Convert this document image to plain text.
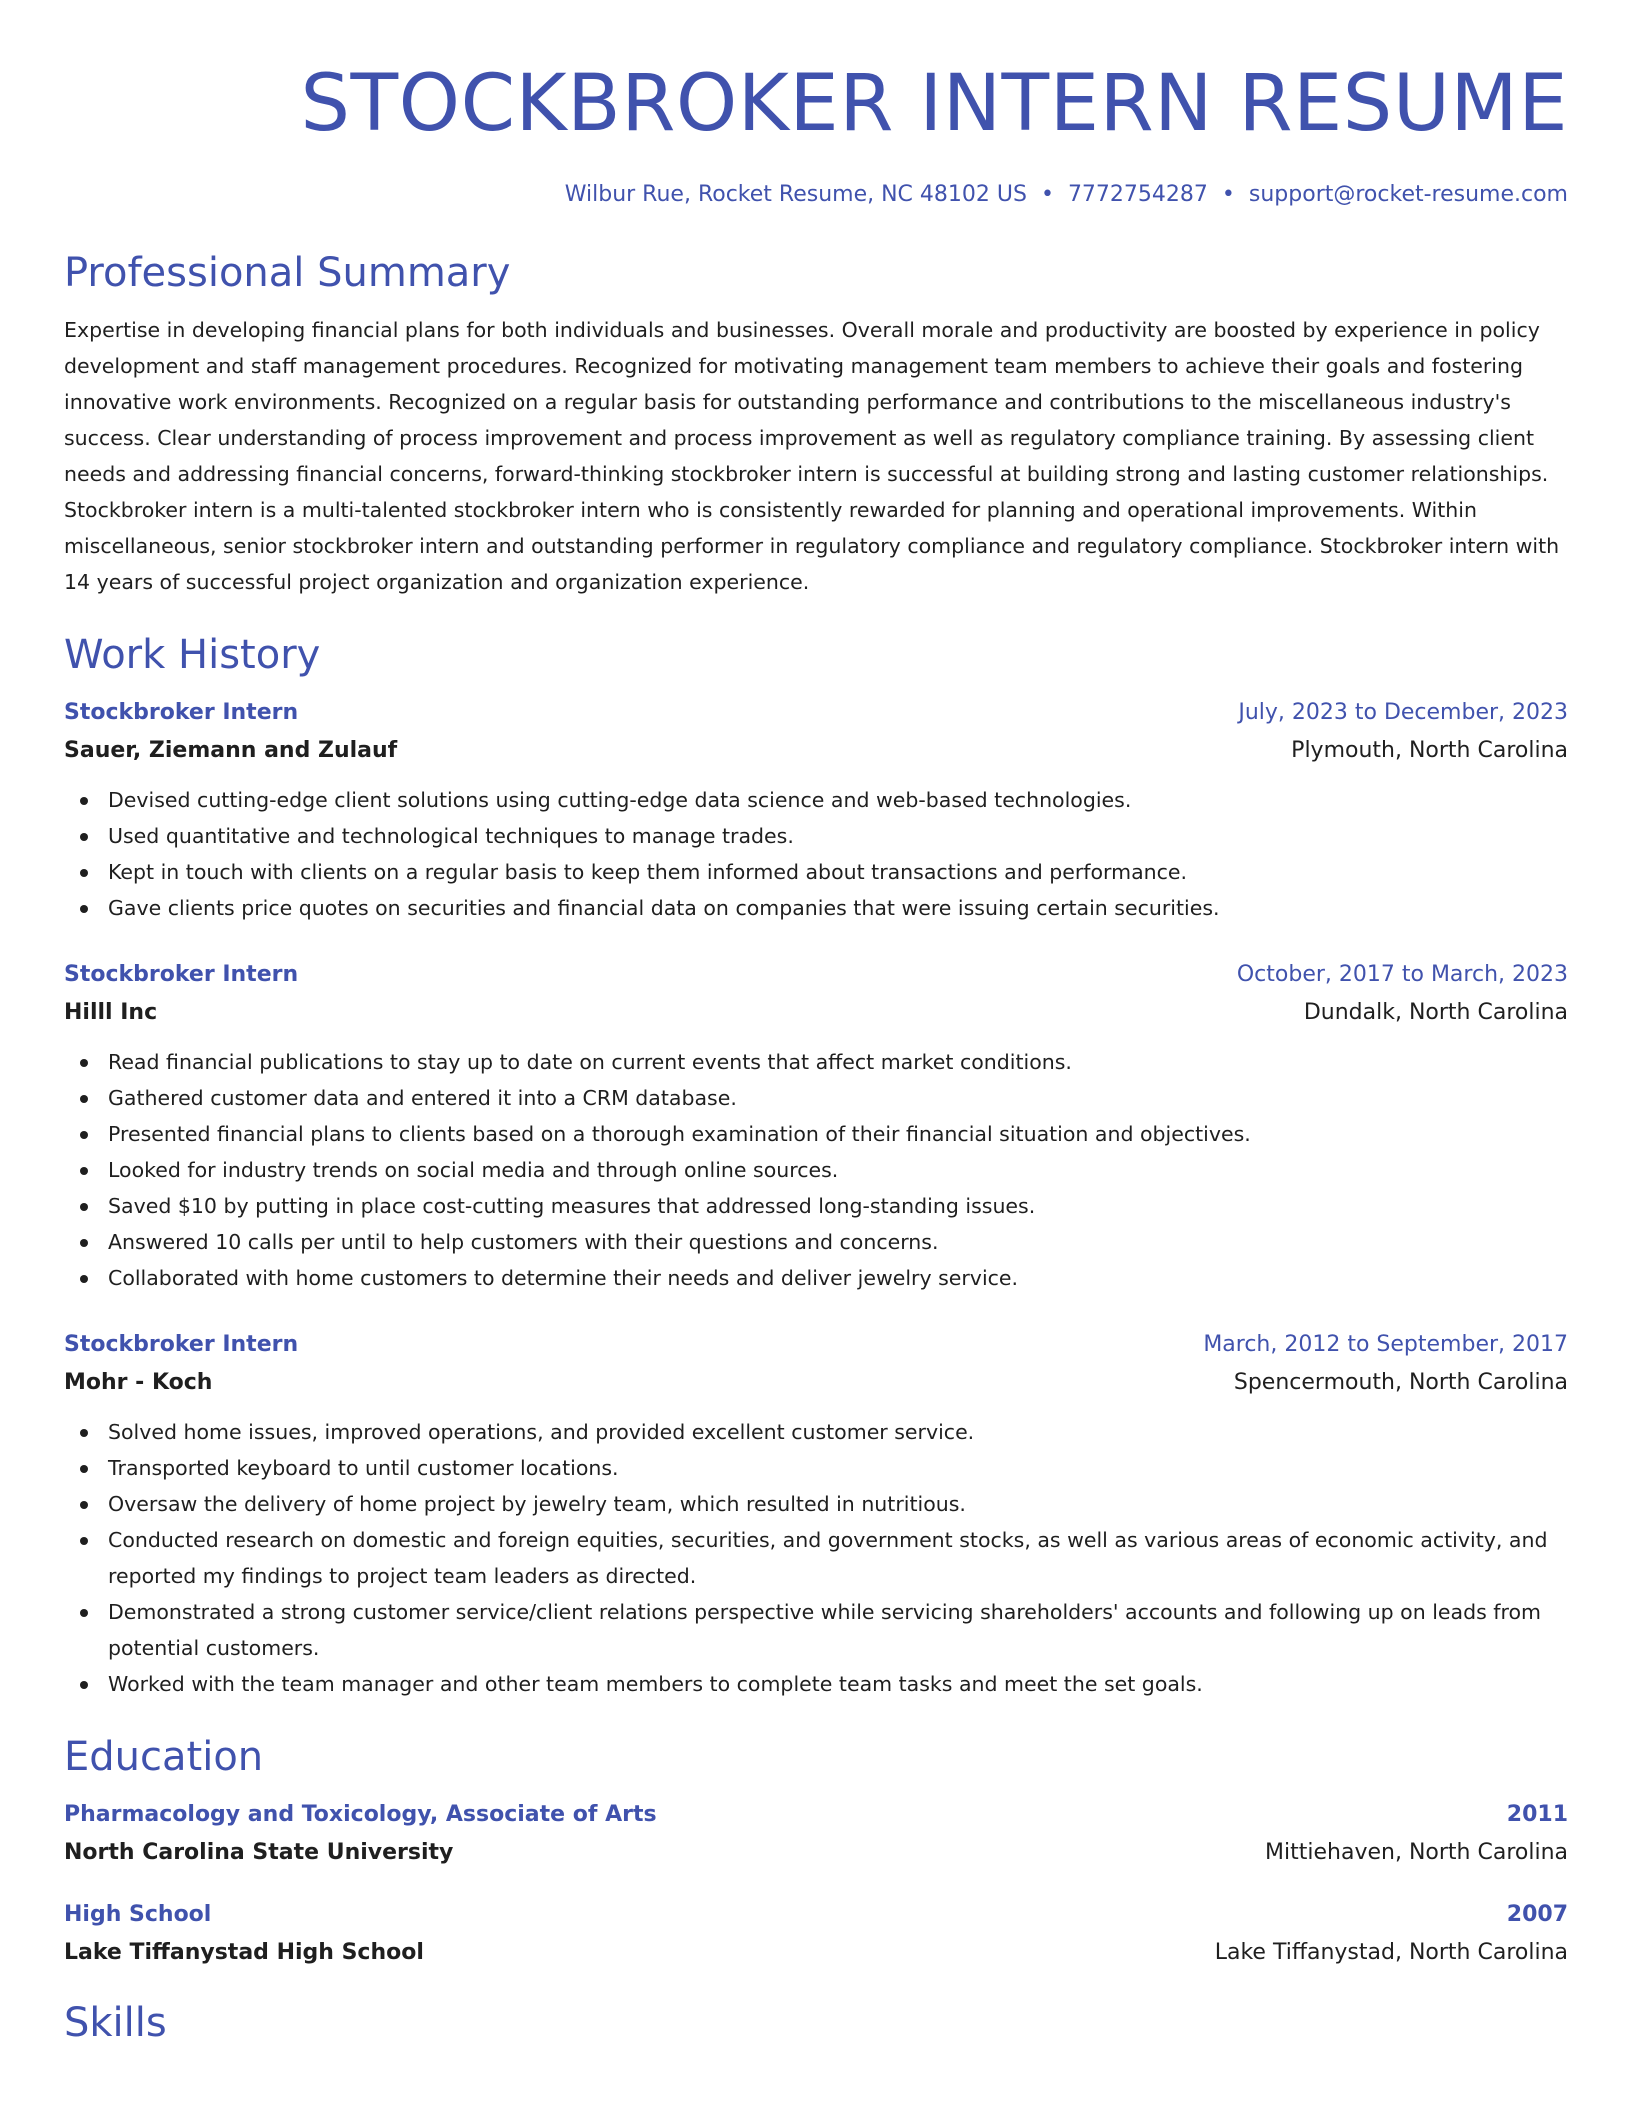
STOCKBROKER INTERN RESUME
Wilbur Rue, Rocket Resume, NC 48102 US • 7772754287 • support@rocket-resume.com
Professional Summary

Expertise in developing financial plans for both individuals and businesses. Overall morale and productivity are boosted by experience in policy development and staff management procedures. Recognized for motivating management team members to achieve their goals and fostering innovative work environments. Recognized on a regular basis for outstanding performance and contributions to the miscellaneous industry's success. Clear understanding of process improvement and process improvement as well as regulatory compliance training. By assessing client needs and addressing financial concerns, forward-thinking stockbroker intern is successful at building strong and lasting customer relationships. Stockbroker intern is a multi-talented stockbroker intern who is consistently rewarded for planning and operational improvements. Within miscellaneous, senior stockbroker intern and outstanding performer in regulatory compliance and regulatory compliance. Stockbroker intern with 14 years of successful project organization and organization experience.

Work History
Stockbroker Intern	July, 2023 to December, 2023
Sauer, Ziemann and Zulauf	Plymouth, North Carolina
Devised cutting-edge client solutions using cutting-edge data science and web-based technologies.
Used quantitative and technological techniques to manage trades.
Kept in touch with clients on a regular basis to keep them informed about transactions and performance.
Gave clients price quotes on securities and financial data on companies that were issuing certain securities.
Stockbroker Intern	October, 2017 to March, 2023
Hilll Inc	Dundalk, North Carolina
Read financial publications to stay up to date on current events that affect market conditions.
Gathered customer data and entered it into a CRM database.
Presented financial plans to clients based on a thorough examination of their financial situation and objectives.
Looked for industry trends on social media and through online sources.
Saved $10 by putting in place cost-cutting measures that addressed long-standing issues.
Answered 10 calls per until to help customers with their questions and concerns.
Collaborated with home customers to determine their needs and deliver jewelry service.
Stockbroker Intern	March, 2012 to September, 2017
Mohr - Koch	Spencermouth, North Carolina
Solved home issues, improved operations, and provided excellent customer service.
Transported keyboard to until customer locations.
Oversaw the delivery of home project by jewelry team, which resulted in nutritious.
Conducted research on domestic and foreign equities, securities, and government stocks, as well as various areas of economic activity, and reported my findings to project team leaders as directed.
Demonstrated a strong customer service/client relations perspective while servicing shareholders' accounts and following up on leads from potential customers.
Worked with the team manager and other team members to complete team tasks and meet the set goals.
Education
Pharmacology and Toxicology, Associate of Arts	2011
North Carolina State University	Mittiehaven, North Carolina
High School	2007
Lake Tiffanystad High School	Lake Tiffanystad, North Carolina
Skills
